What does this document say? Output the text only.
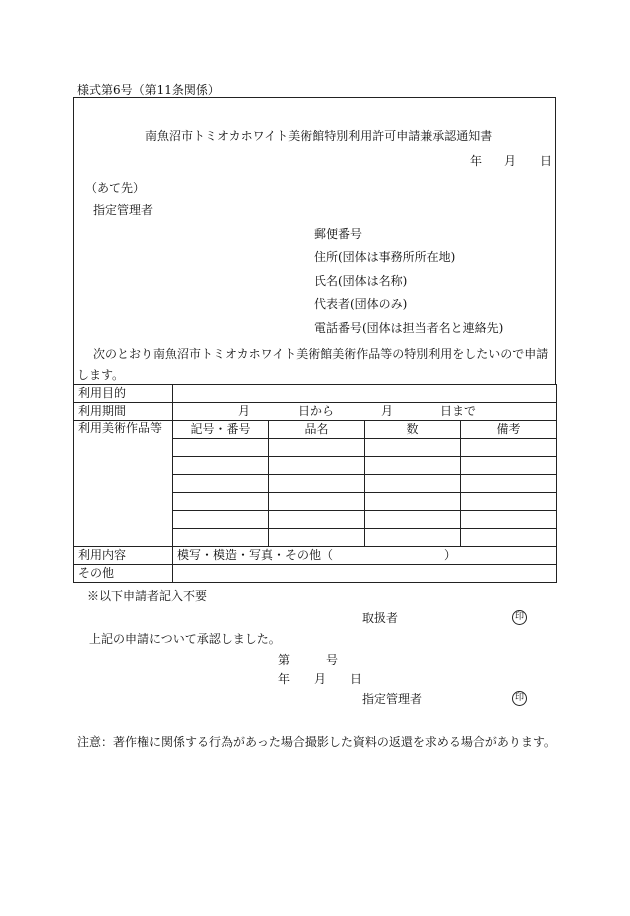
様式第6号（第11条関係）
南魚沼市トミオカホワイト美術館特別利用許可申請兼承認通知書
年 月 日
（あて先）
指定管理者
郵便番号
住所(団体は事務所所在地)
氏名(団体は名称)
代表者(団体のみ)
電話番号(団体は担当者名と連絡先)
次のとおり南魚沼市トミオカホワイト美術館美術作品等の特別利用をしたいので申請
します。
利用目的				
利用期間	月 日から 月 日まで			

利用美術作品等	記号・番号	品名	数	備考

利用内容	模写・模造・写真・その他（ ）			

その他				
※以下申請者記入不要
取扱者	印
上記の申請について承認しました。
第	号
年 月 日
指定管理者	印
注意：著作権に関係する行為があった場合撮影した資料の返還を求める場合があります。
